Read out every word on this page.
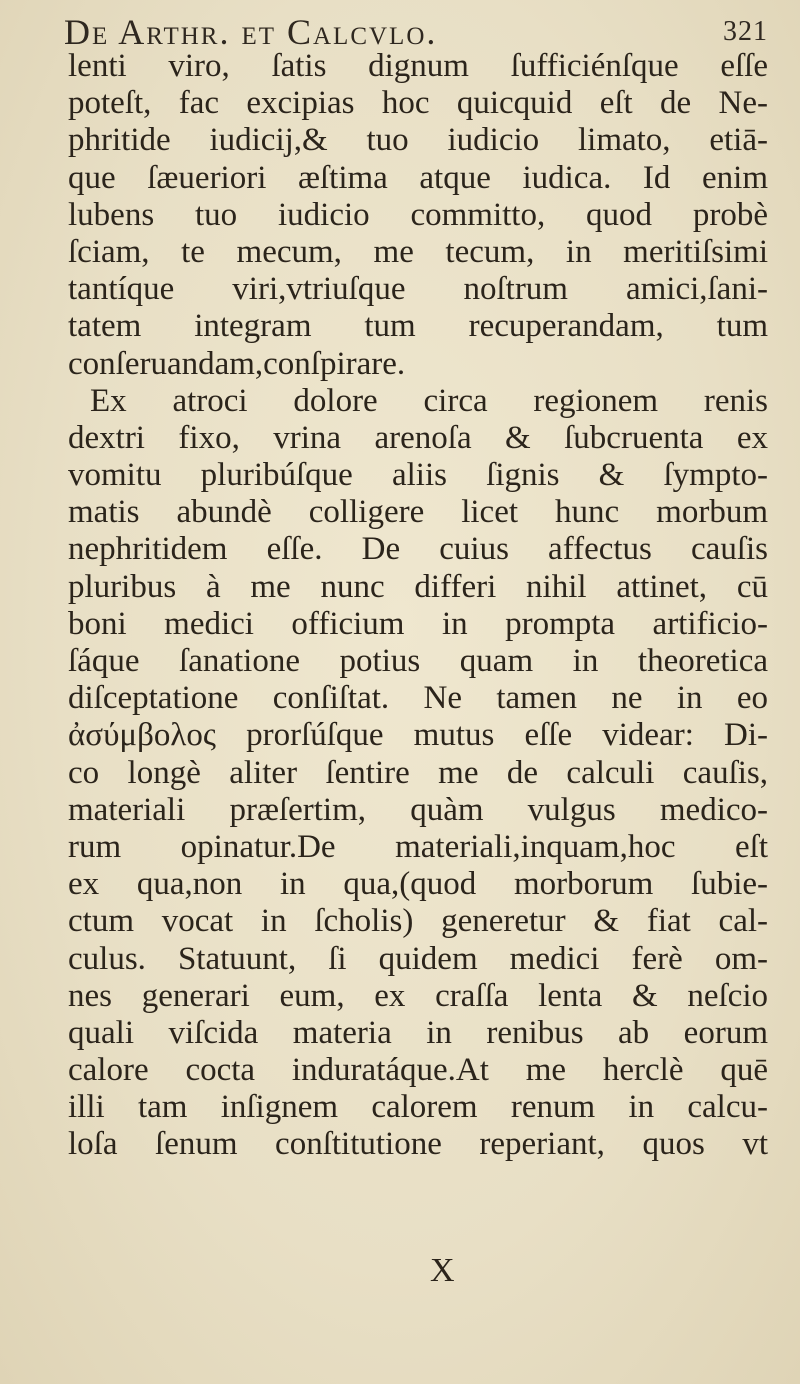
De Arthr. et Calcvlo.	321
lenti viro, ſatis dignum ſufficiénſque eſſe
poteſt, fac excipias hoc quicquid eſt de Ne-
phritide iudicij,& tuo iudicio limato, etiā-
que ſæueriori æſtima atque iudica. Id enim
lubens tuo iudicio committo, quod probè
ſciam, te mecum, me tecum, in meritiſsimi
tantíque viri,vtriuſque noſtrum amici,ſani-
tatem integram tum recuperandam, tum
conſeruandam,conſpirare.
Ex atroci dolore circa regionem renis
dextri fixo, vrina arenoſa & ſubcruenta ex
vomitu pluribúſque aliis ſignis & ſympto-
matis abundè colligere licet hunc morbum
nephritidem eſſe. De cuius affectus cauſis
pluribus à me nunc differi nihil attinet, cū
boni medici officium in prompta artificio-
ſáque ſanatione potius quam in theoretica
diſceptatione conſiſtat. Ne tamen ne in eo
ἀσύμβολος prorſúſque mutus eſſe videar: Di-
co longè aliter ſentire me de calculi cauſis,
materiali præſertim, quàm vulgus medico-
rum opinatur.De materiali,inquam,hoc eſt
ex qua,non in qua,(quod morborum ſubie-
ctum vocat in ſcholis) generetur & fiat cal-
culus. Statuunt, ſi quidem medici ferè om-
nes generari eum, ex craſſa lenta & neſcio
quali viſcida materia in renibus ab eorum
calore cocta induratáque.At me herclè quē
illi tam inſignem calorem renum in calcu-
loſa ſenum conſtitutione reperiant, quos vt
X
